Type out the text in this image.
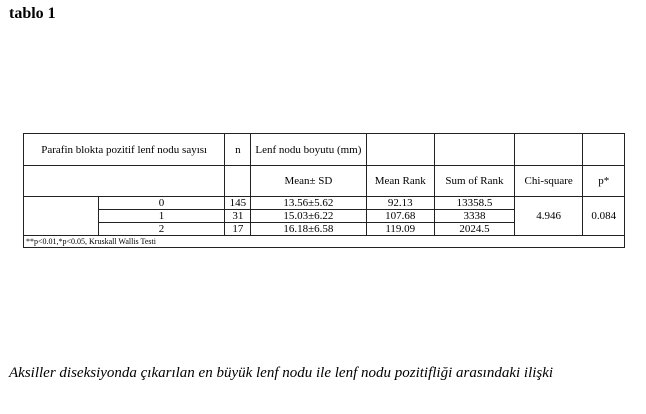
tablo 1
Parafin blokta pozitif lenf nodu sayısı		n	Lenf nodu boyutu (mm)				
			Mean± SD	Mean Rank	Sum of Rank	Chi-square	p*
	0	145	13.56±5.62	92.13	13358.5	4.946	0.084
	1	31	15.03±6.22	107.68	3338		
	2	17	16.18±6.58	119.09	2024.5		
**p<0.01,*p<0.05, Kruskall Wallis Testi							

Aksiller diseksiyonda çıkarılan en büyük lenf nodu ile lenf nodu pozitifliği arasındaki ilişki
